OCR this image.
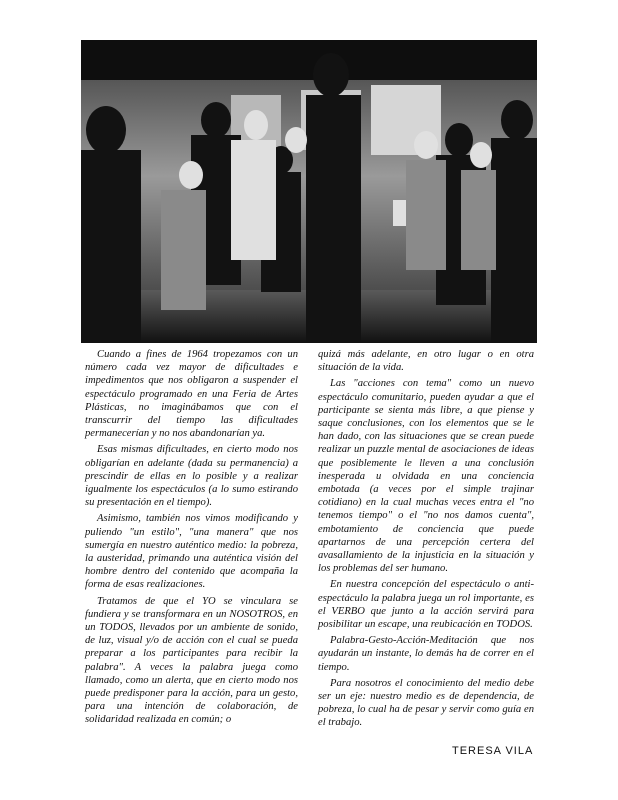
Cuando a fines de 1964 tropezamos con un número cada vez mayor de dificultades e impedimentos que nos obligaron a suspender el espectáculo programado en una Feria de Artes Plásticas, no imaginábamos que con el transcurrir del tiempo las dificultades permanecerían y no nos abandonarían ya.

Esas mismas dificultades, en cierto modo nos obligarían en adelante (dada su permanencia) a prescindir de ellas en lo posible y a realizar igualmente los espectáculos (a lo sumo estirando su presentación en el tiempo).

Asimismo, también nos vimos modificando y puliendo "un estilo", "una manera" que nos sumergía en nuestro auténtico medio: la pobreza, la austeridad, primando una auténtica visión del hombre dentro del contenido que acompaña la forma de esas realizaciones.

Tratamos de que el YO se vinculara se fundiera y se transformara en un NOSOTROS, en un TODOS, llevados por un ambiente de sonido, de luz, visual y/o de acción con el cual se pueda preparar a los participantes para recibir la palabra". A veces la palabra juega como llamado, como un alerta, que en cierto modo nos puede predisponer para la acción, para un gesto, para una intención de colaboración, de solidaridad realizada en común; o

quizá más adelante, en otro lugar o en otra situación de la vida.

Las "acciones con tema" como un nuevo espectáculo comunitario, pueden ayudar a que el participante se sienta más libre, a que piense y saque conclusiones, con los elementos que se le han dado, con las situaciones que se crean puede realizar un puzzle mental de asociaciones de ideas que posiblemente le lleven a una conclusión inesperada u olvidada en una conciencia embotada (a veces por el simple trajinar cotidiano) en la cual muchas veces entra el "no tenemos tiempo" o el "no nos damos cuenta", embotamiento de conciencia que puede apartarnos de una percepción certera del avasallamiento de la injusticia en la situación y los problemas del ser humano.

En nuestra concepción del espectáculo o anti-espectáculo la palabra juega un rol importante, es el VERBO que junto a la acción servirá para posibilitar un escape, una reubicación en TODOS.

Palabra-Gesto-Acción-Meditación que nos ayudarán un instante, lo demás ha de correr en el tiempo.

Para nosotros el conocimiento del medio debe ser un eje: nuestro medio es de dependencia, de pobreza, lo cual ha de pesar y servir como guía en el trabajo.

TERESA VILA
